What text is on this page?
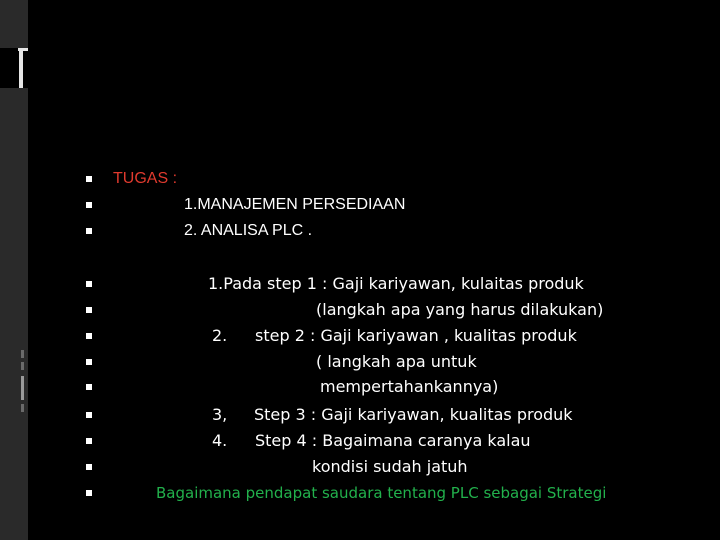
TUGAS :
1.MANAJEMEN PERSEDIAAN
2. ANALISA PLC .
1.Pada step 1 : Gaji kariyawan, kulaitas produk
(langkah apa yang harus dilakukan)
2. step 2 : Gaji kariyawan , kualitas produk
( langkah apa untuk
mempertahankannya)
3, Step 3 : Gaji kariyawan, kualitas produk
4. Step 4 : Bagaimana caranya kalau
kondisi sudah jatuh
Bagaimana pendapat saudara tentang PLC sebagai Strategi
